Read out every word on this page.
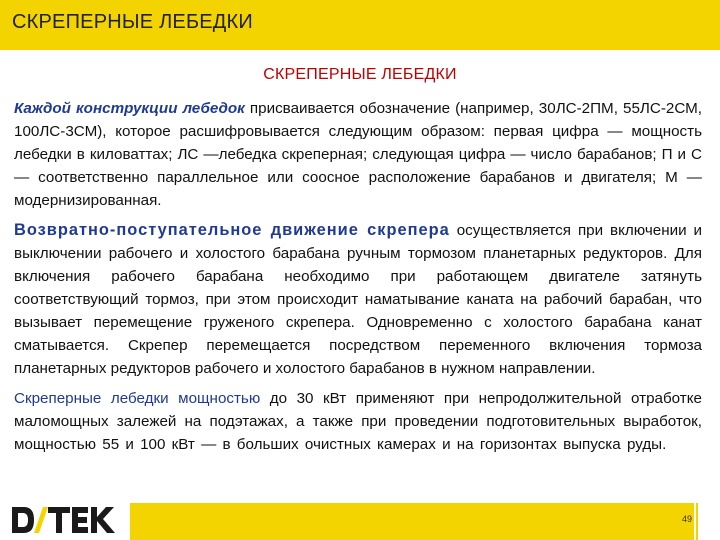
СКРЕПЕРНЫЕ ЛЕБЕДКИ
СКРЕПЕРНЫЕ ЛЕБЕДКИ

Каждой конструкции лебедок присваивается обозначение (например, 30ЛС-2ПМ, 55ЛС-2СМ, 100ЛС-3СМ), которое расшифровывается следующим образом: первая цифра — мощность лебедки в киловаттах; ЛС —лебедка скреперная; следующая цифра — число барабанов; П и С — соответственно параллельное или соосное расположение барабанов и двигателя; М — модернизированная.

Возвратно-поступательное движение скрепера осуществляется при включении и выключении рабочего и холостого барабана ручным тормозом планетарных редукторов. Для включения рабочего барабана необходимо при работающем двигателе затянуть соответствующий тормоз, при этом происходит наматывание каната на рабочий барабан, что вызывает перемещение груженого скрепера. Одновременно с холостого барабана канат сматывается. Скрепер перемещается посредством переменного включения тормоза планетарных редукторов рабочего и холостого барабанов в нужном направлении.

Скреперные лебедки мощностью до 30 кВт применяют при непродолжительной отработке маломощных залежей на подэтажах, а также при проведении подготовительных выработок, мощностью 55 и 100 кВт — в больших очистных камерах и на горизонтах выпуска руды.

49
